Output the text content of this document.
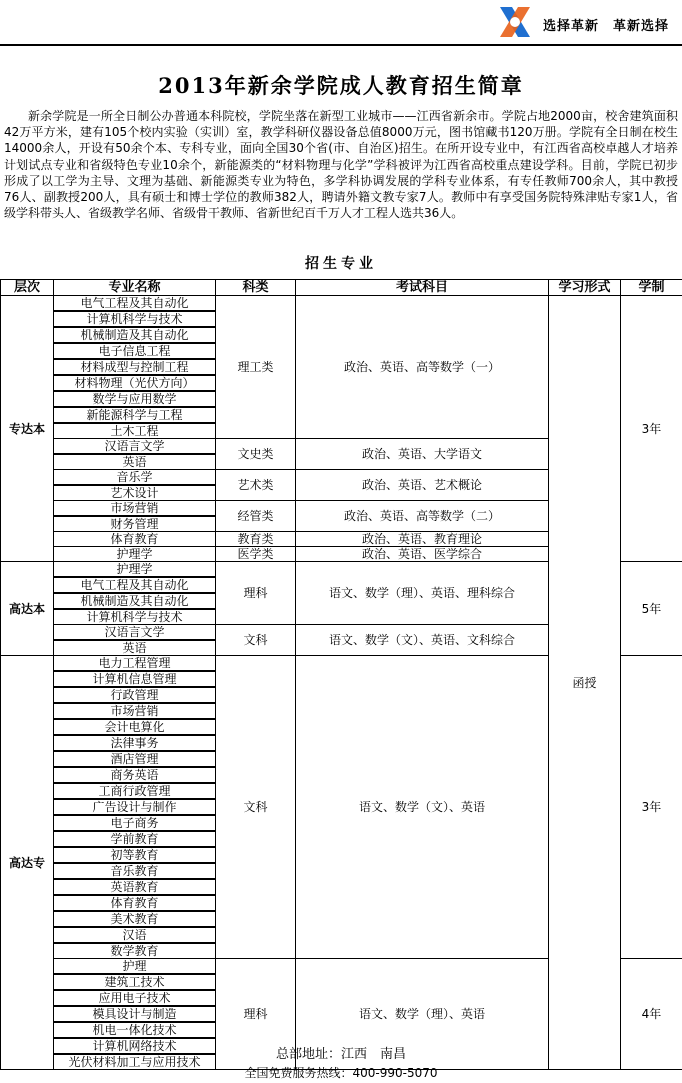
选择革新　革新选择
2013年新余学院成人教育招生简章
新余学院是一所全日制公办普通本科院校，学院坐落在新型工业城市——江西省新余市。学院占地2000亩，校舍建筑面积42万平方米，建有105个校内实验（实训）室，教学科研仪器设备总值8000万元，图书馆藏书120万册。学院有全日制在校生14000余人，开设有50余个本、专科专业，面向全国30个省(市、自治区)招生。在所开设专业中，有江西省高校卓越人才培养计划试点专业和省级特色专业10余个，新能源类的“材料物理与化学”学科被评为江西省高校重点建设学科。目前，学院已初步形成了以工学为主导、文理为基础、新能源类专业为特色，多学科协调发展的学科专业体系，有专任教师700余人，其中教授76人、副教授200人，具有硕士和博士学位的教师382人，聘请外籍文教专家7人。教师中有享受国务院特殊津贴专家1人，省级学科带头人、省级教学名师、省级骨干教师、省新世纪百千万人才工程人选共36人。
招生专业
层次	专业名称	科类	考试科目	学习形式	学制
专达本	电气工程及其自动化	理工类	政治、英语、高等数学（一）	函授	3年
	计算机科学与技术				
	机械制造及其自动化				
	电子信息工程				
	材料成型与控制工程				
	材料物理（光伏方向）				
	数学与应用数学				
	新能源科学与工程				
	土木工程				
	汉语言文学	文史类	政治、英语、大学语文		
	英语				
	音乐学	艺术类	政治、英语、艺术概论		
	艺术设计				
	市场营销	经管类	政治、英语、高等数学（二）		
	财务管理				
	体育教育	教育类	政治、英语、教育理论		
	护理学	医学类	政治、英语、医学综合		
高达本	护理学	理科	语文、数学（理）、英语、理科综合		5年
	电气工程及其自动化				
	机械制造及其自动化				
	计算机科学与技术				
	汉语言文学	文科	语文、数学（文）、英语、文科综合		
	英语				
高达专	电力工程管理	文科	语文、数学（文）、英语		3年
	计算机信息管理				
	行政管理				
	市场营销				
	会计电算化				
	法律事务				
	酒店管理				
	商务英语				
	工商行政管理				
	广告设计与制作				
	电子商务				
	学前教育				
	初等教育				
	音乐教育				
	英语教育				
	体育教育				
	美术教育				
	汉语				
	数学教育				
	护理	理科	语文、数学（理）、英语		4年
	建筑工技术				
	应用电子技术				
	模具设计与制造				
	机电一体化技术				
	计算机网络技术				
	光伏材料加工与应用技术					总部地址：江西　南昌
全国免费服务热线：400-990-5070
